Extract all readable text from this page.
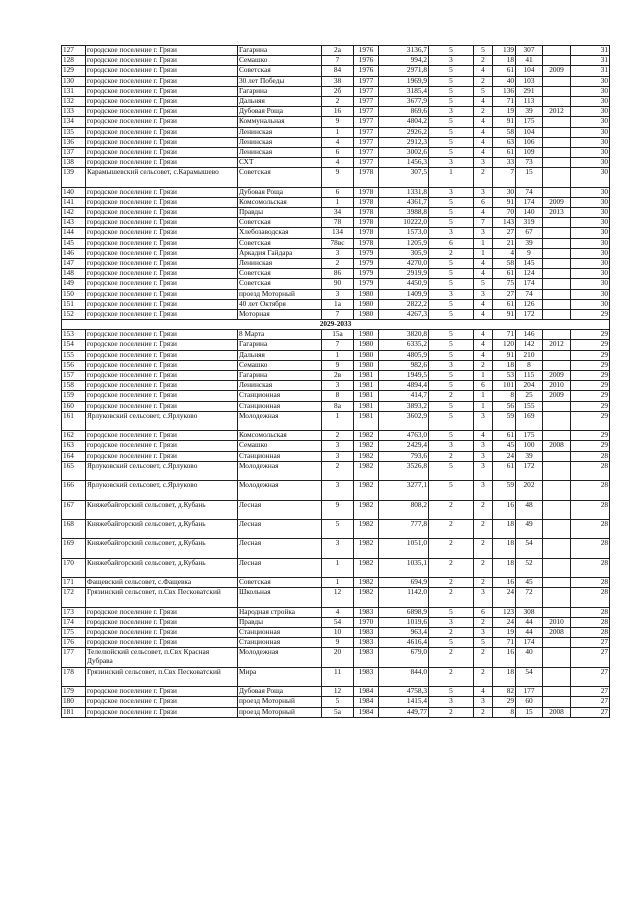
127	городское поселение г. Грязи	Гагарина	2а	1976	3136,7	5	5	139	307		31
128	городское поселение г. Грязи	Семашко	7	1976	994,2	3	2	18	41		31
129	городское поселение г. Грязи	Советская	84	1976	2971,8	5	4	61	104	2009	31
130	городское поселение г. Грязи	30 лет Победы	38	1977	1969,9	5	2	40	103		30
131	городское поселение г. Грязи	Гагарина	2б	1977	3185,4	5	5	136	291		30
132	городское поселение г. Грязи	Дальняя	2	1977	3677,9	5	4	71	113		30
133	городское поселение г. Грязи	Дубовая Роща	16	1977	869,6	3	2	19	39	2012	30
134	городское поселение г. Грязи	Коммунальная	9	1977	4804,2	5	4	91	175		30
135	городское поселение г. Грязи	Ленинская	1	1977	2926,2	5	4	58	104		30
136	городское поселение г. Грязи	Ленинская	4	1977	2912,3	5	4	63	106		30
137	городское поселение г. Грязи	Ленинская	6	1977	3002,6	5	4	61	109		30
138	городское поселение г. Грязи	СХТ	4	1977	1456,3	3	3	33	73		30
139	Карамышевский сельсовет, с.Карамышево	Советская	9	1978	307,5	1	2	7	15		30
140	городское поселение г. Грязи	Дубовая Роща	6	1978	1331,8	3	3	30	74		30
141	городское поселение г. Грязи	Комсомольская	1	1978	4361,7	5	6	91	174	2009	30
142	городское поселение г. Грязи	Правды	34	1978	3988,8	5	4	70	140	2013	30
143	городское поселение г. Грязи	Советская	78	1978	10222,0	5	7	143	319		30
144	городское поселение г. Грязи	Хлебозаводская	134	1978	1573,0	3	3	27	67		30
145	городское поселение г. Грязи	Советская	78вс	1978	1205,9	6	1	21	39		30
146	городское поселение г. Грязи	Аркадия Гайдара	3	1979	305,9	2	1	4	9		30
147	городское поселение г. Грязи	Ленинская	2	1979	4270,0	5	4	58	145		30
148	городское поселение г. Грязи	Советская	86	1979	2919,9	5	4	61	124		30
149	городское поселение г. Грязи	Советская	90	1979	4450,9	5	5	75	174		30
150	городское поселение г. Грязи	проезд Моторный	3	1980	1409,9	3	3	27	74		30
151	городское поселение г. Грязи	40 лет Октября	1а	1980	2822,2	5	4	61	126		30
152	городское поселение г. Грязи	Моторная	7	1980	4267,3	5	4	91	172		29
2029-2033											
153	городское поселение г. Грязи	8 Марта	15а	1980	3820,8	5	4	71	146		29
154	городское поселение г. Грязи	Гагарина	7	1980	6335,2	5	4	120	142	2012	29
155	городское поселение г. Грязи	Дальняя	1	1980	4805,9	5	4	91	210		29
156	городское поселение г. Грязи	Семашко	9	1980	982,6	3	2	18	8		29
157	городское поселение г. Грязи	Гагарина	2в	1981	1949,5	5	1	53	115	2009	29
158	городское поселение г. Грязи	Ленинская	3	1981	4894,4	5	6	101	204	2010	29
159	городское поселение г. Грязи	Станционная	8	1981	414,7	2	1	8	25	2009	29
160	городское поселение г. Грязи	Станционная	8а	1981	3893,2	5	1	56	155		29
161	Ярлуковский сельсовет, с.Ярлуково	Молодежная	1	1981	3602,9	5	3	59	169		29
162	городское поселение г. Грязи	Комсомольская	2	1982	4763,0	5	4	61	175		29
163	городское поселение г. Грязи	Семашко	3	1982	2429,4	3	3	45	100	2008	29
164	городское поселение г. Грязи	Станционная	3	1982	793,6	2	3	24	39		28
165	Ярлуковский сельсовет, с.Ярлуково	Молодежная	2	1982	3526,8	5	3	61	172		28
166	Ярлуковский сельсовет, с.Ярлуково	Молодежная	3	1982	3277,1	5	3	59	202		28
167	Княжебайгорский сельсовет, д.Кубань	Лесная	9	1982	808,2	2	2	16	48		28
168	Княжебайгорский сельсовет, д.Кубань	Лесная	5	1982	777,8	2	2	18	49		28
169	Княжебайгорский сельсовет, д.Кубань	Лесная	3	1982	1051,0	2	2	18	54		28
170	Княжебайгорский сельсовет, д.Кубань	Лесная	1	1982	1035,1	2	2	18	52		28
171	Фащевский сельсовет, с.Фащевка	Советская	1	1982	694,9	2	2	16	45		28
172	Грязинский сельсовет, п.Свх Песковатский	Школьная	12	1982	1142,0	2	3	24	72		28
173	городское поселение г. Грязи	Народная стройка	4	1983	6898,9	5	6	123	308		28
174	городское поселение г. Грязи	Правды	54	1970	1019,6	3	2	24	44	2010	28
175	городское поселение г. Грязи	Станционная	10	1983	963,4	2	3	19	44	2008	28
176	городское поселение г. Грязи	Станционная	9	1983	4616,4	5	5	71	174		27
177	Телелюйский сельсовет, п.Свх Красная Дубрава	Молодежная	20	1983	679,0	2	2	16	40		27
178	Грязинский сельсовет, п.Свх Песковатский	Мира	11	1983	844,0	2	2	18	54		27
179	городское поселение г. Грязи	Дубовая Роща	12	1984	4758,3	5	4	82	177		27
180	городское поселение г. Грязи	проезд Моторный	5	1984	1415,4	3	3	29	60		27
181	городское поселение г. Грязи	проезд Моторный	5а	1984	449,77	2	2	8	15	2008	27
